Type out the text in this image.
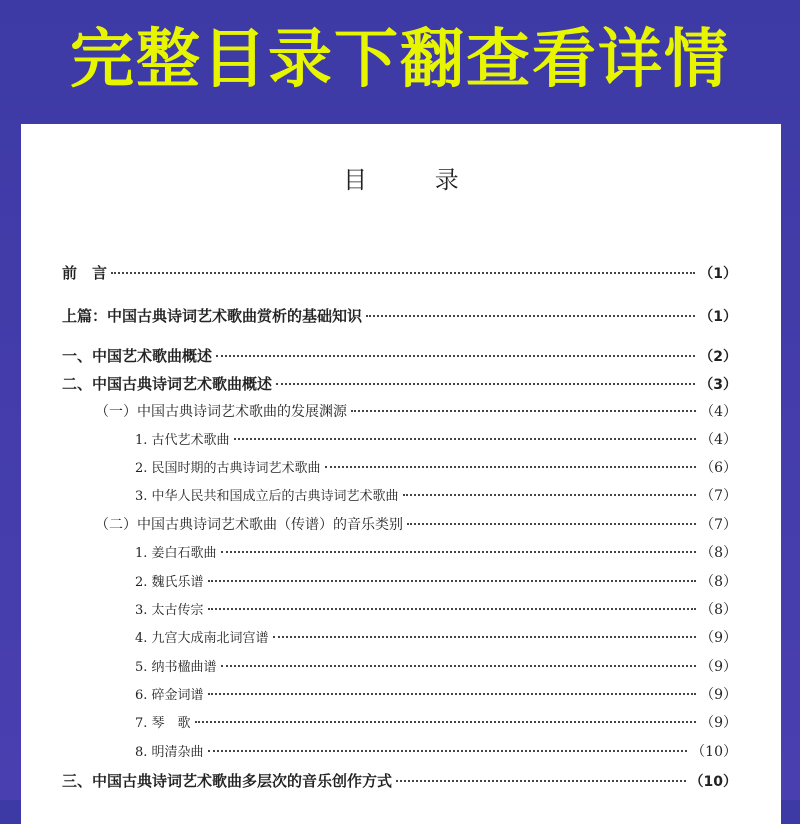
完整目录下翻查看详情
目 录
前　言	（1）
上篇：中国古典诗词艺术歌曲赏析的基础知识	（1）
一、中国艺术歌曲概述	（2）
二、中国古典诗词艺术歌曲概述	（3）
（一）中国古典诗词艺术歌曲的发展渊源	（4）
1. 古代艺术歌曲	（4）
2. 民国时期的古典诗词艺术歌曲	（6）
3. 中华人民共和国成立后的古典诗词艺术歌曲	（7）
（二）中国古典诗词艺术歌曲（传谱）的音乐类别	（7）
1. 姜白石歌曲	（8）
2. 魏氏乐谱	（8）
3. 太古传宗	（8）
4. 九宫大成南北词宫谱	（9）
5. 纳书楹曲谱	（9）
6. 碎金词谱	（9）
7. 琴　歌	（9）
8. 明清杂曲	（10）
三、中国古典诗词艺术歌曲多层次的音乐创作方式	（10）
